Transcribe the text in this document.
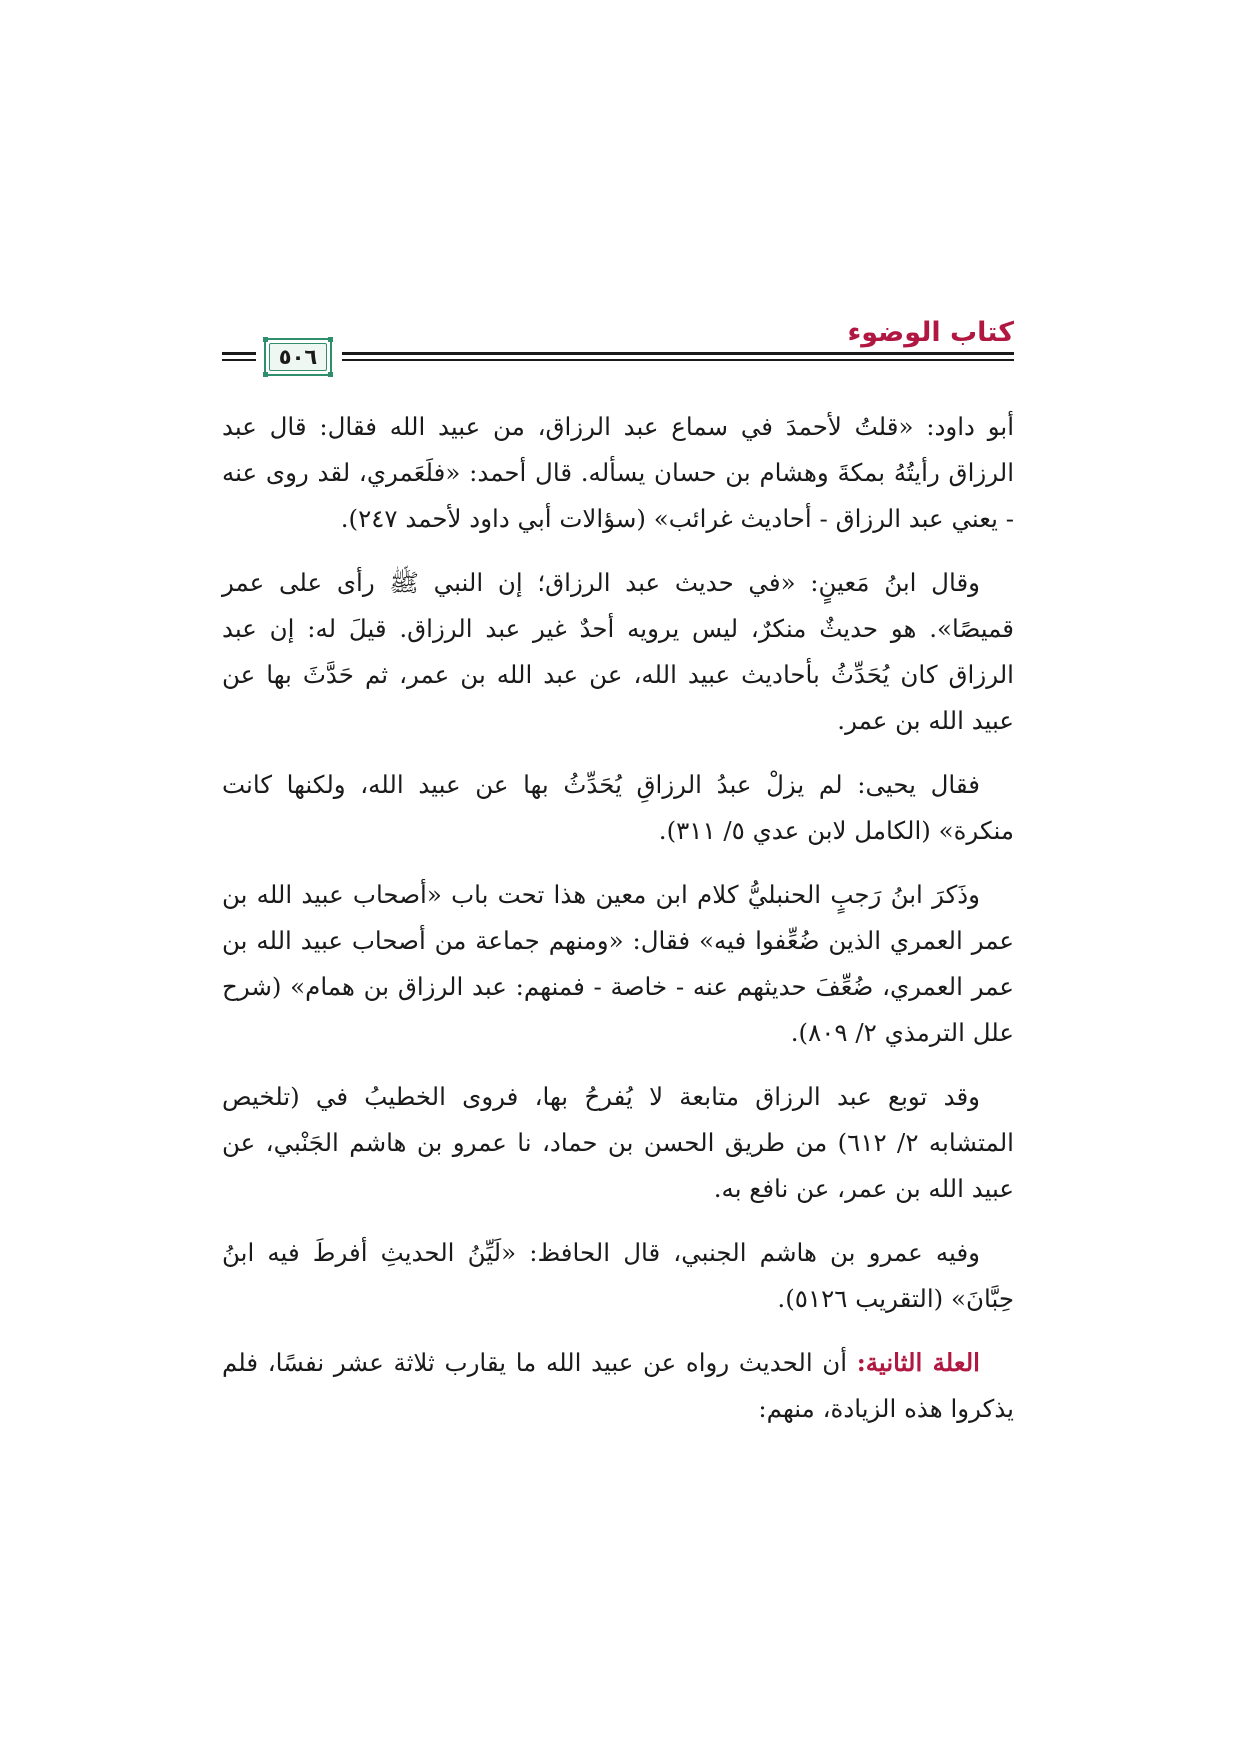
كتاب الوضوء
٥٠٦

أبو داود: «قلتُ لأحمدَ في سماع عبد الرزاق، من عبيد الله فقال: قال عبد الرزاق رأيتُهُ بمكةَ وهشام بن حسان يسأله. قال أحمد: «فلَعَمري، لقد روى عنه - يعني عبد الرزاق - أحاديث غرائب» (سؤالات أبي داود لأحمد ٢٤٧).

وقال ابنُ مَعينٍ: «في حديث عبد الرزاق؛ إن النبي ﷺ رأى على عمر قميصًا». هو حديثٌ منكرٌ، ليس يرويه أحدٌ غير عبد الرزاق. قيلَ له: إن عبد الرزاق كان يُحَدِّثُ بأحاديث عبيد الله، عن عبد الله بن عمر، ثم حَدَّثَ بها عن عبيد الله بن عمر.

فقال يحيى: لم يزلْ عبدُ الرزاقِ يُحَدِّثُ بها عن عبيد الله، ولكنها كانت منكرة» (الكامل لابن عدي ٥/ ٣١١).

وذَكرَ ابنُ رَجبٍ الحنبليُّ كلام ابن معين هذا تحت باب «أصحاب عبيد الله بن عمر العمري الذين ضُعِّفوا فيه» فقال: «ومنهم جماعة من أصحاب عبيد الله بن عمر العمري، ضُعِّفَ حديثهم عنه - خاصة - فمنهم: عبد الرزاق بن همام» (شرح علل الترمذي ٢/ ٨٠٩).

وقد توبع عبد الرزاق متابعة لا يُفرحُ بها، فروى الخطيبُ في (تلخيص المتشابه ٢/ ٦١٢) من طريق الحسن بن حماد، نا عمرو بن هاشم الجَنْبي، عن عبيد الله بن عمر، عن نافع به.

وفيه عمرو بن هاشم الجنبي، قال الحافظ: «لَيِّنُ الحديثِ أفرطَ فيه ابنُ حِبَّانَ» (التقريب ٥١٢٦).

العلة الثانية: أن الحديث رواه عن عبيد الله ما يقارب ثلاثة عشر نفسًا، فلم يذكروا هذه الزيادة، منهم:
